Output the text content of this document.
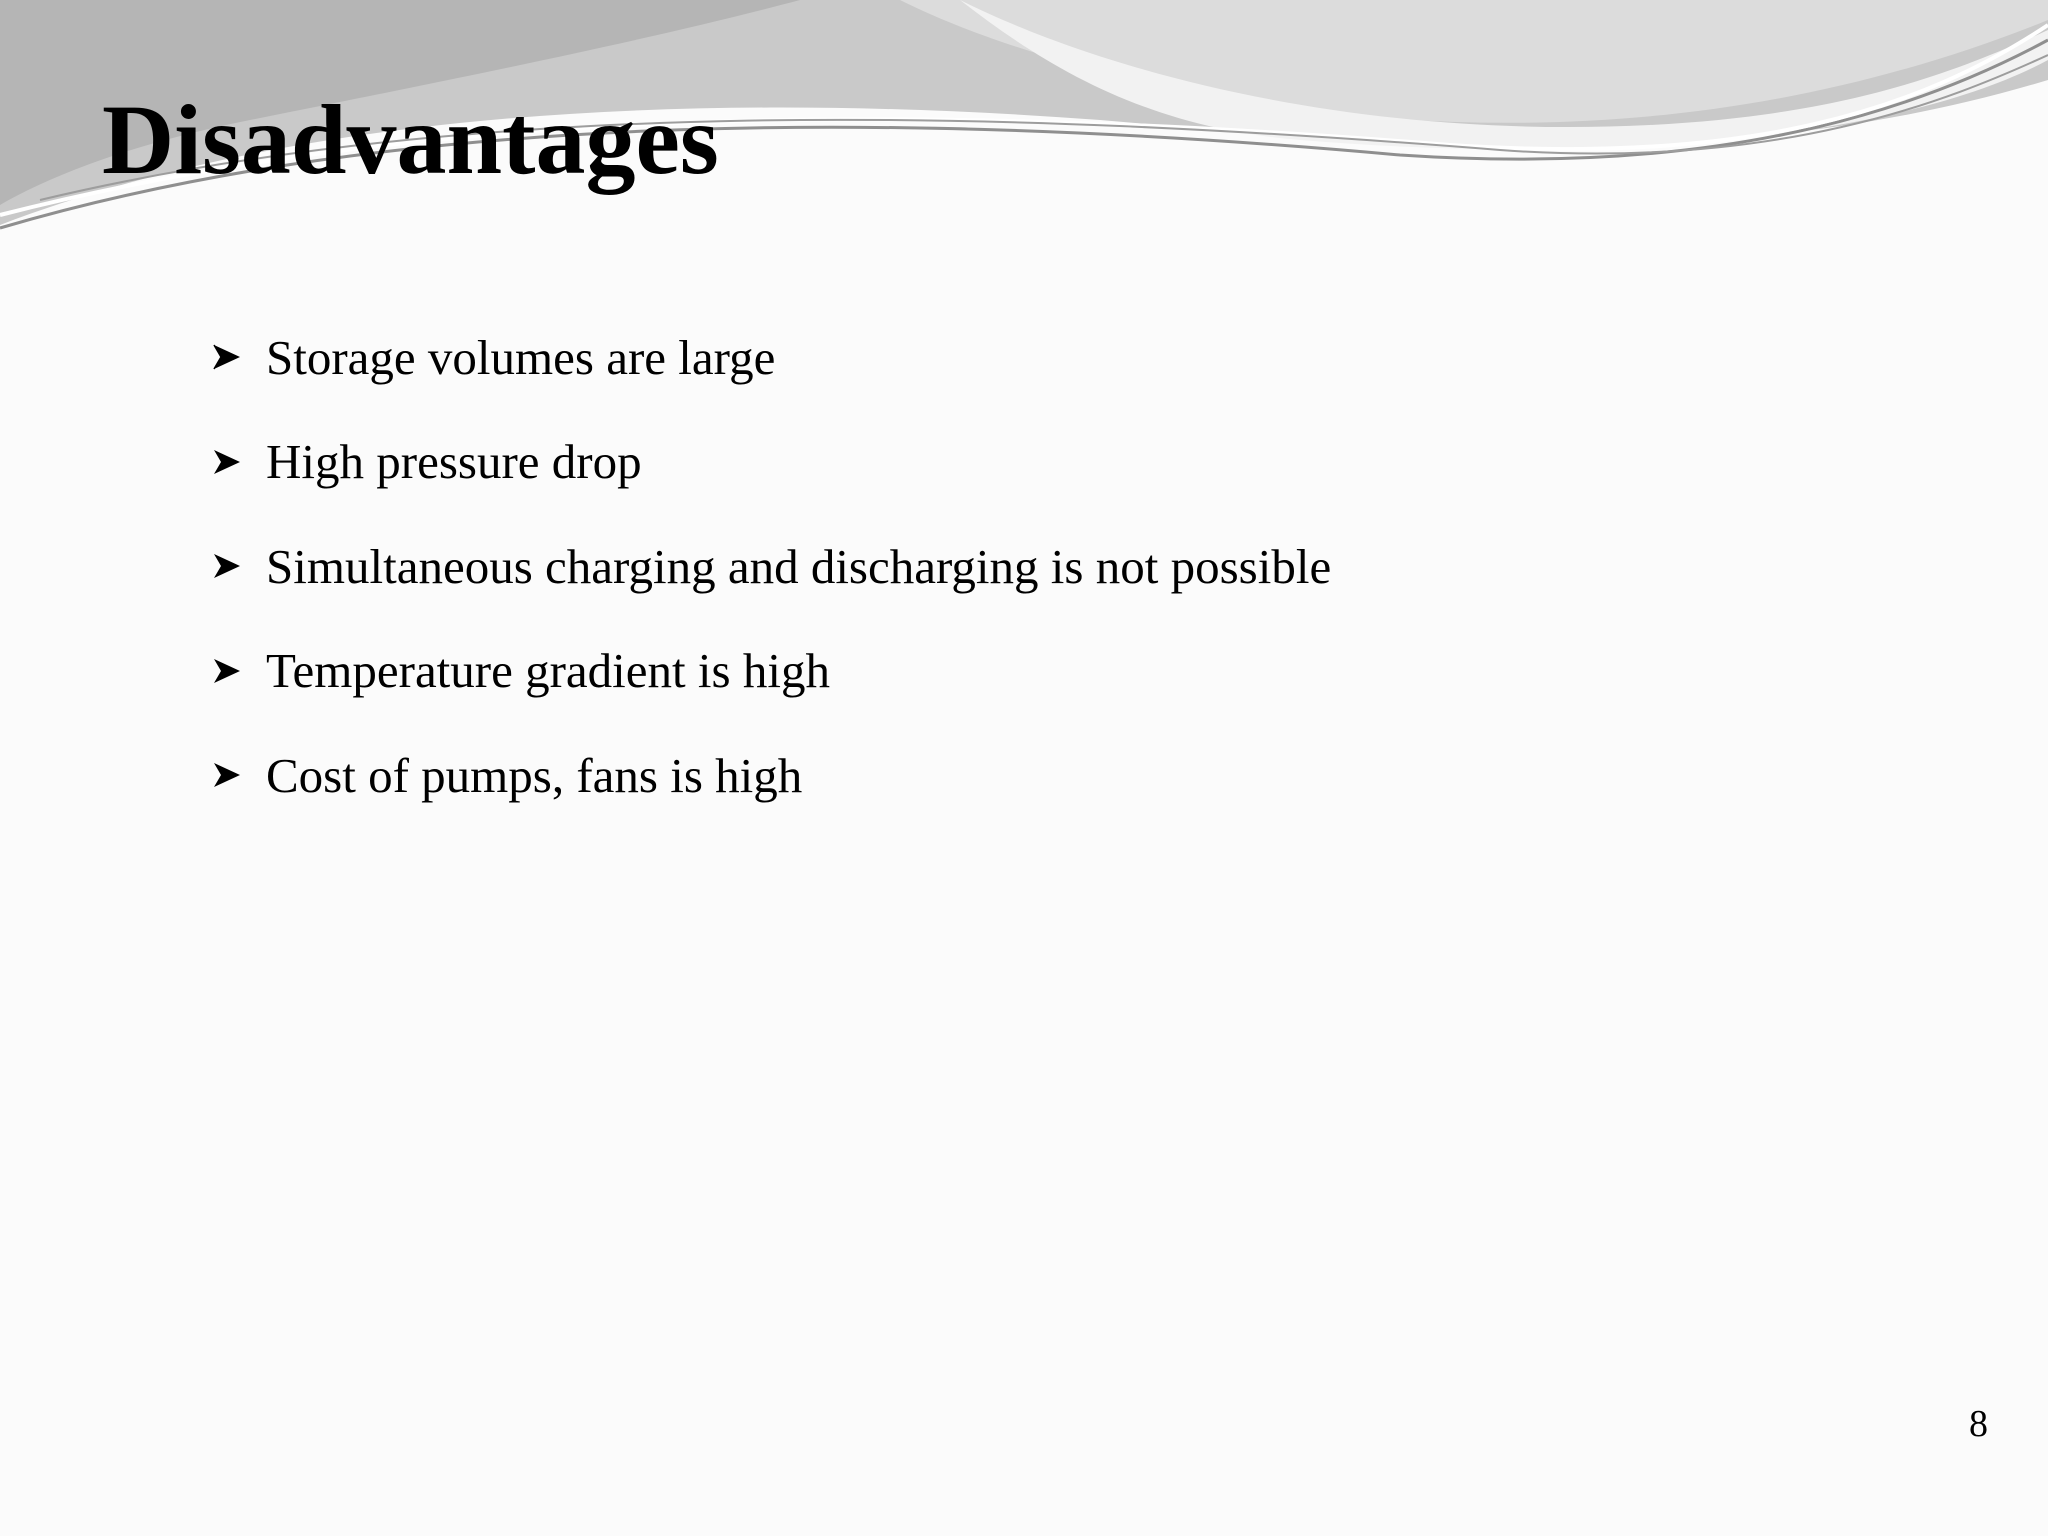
Disadvantages
Storage volumes are large
High pressure drop
Simultaneous charging and discharging is not possible
Temperature gradient is high
Cost of pumps, fans is high
8
